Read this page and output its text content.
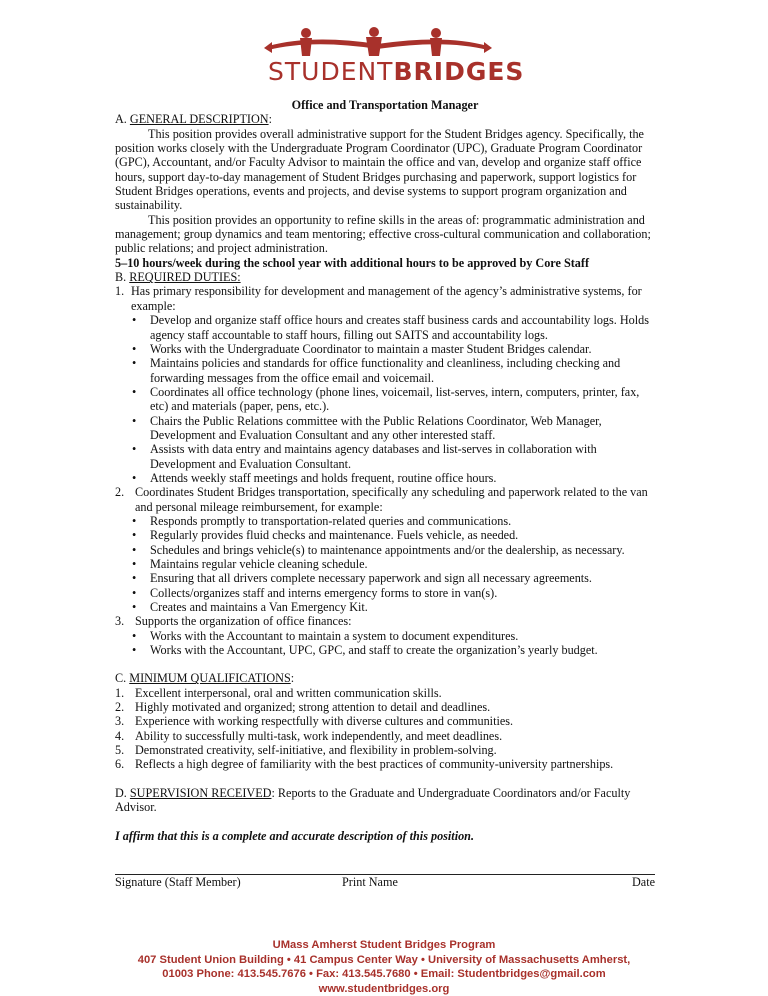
STUDENTBRIDGES

Office and Transportation Manager

A. GENERAL DESCRIPTION:

This position provides overall administrative support for the Student Bridges agency. Specifically, the position works closely with the Undergraduate Program Coordinator (UPC), Graduate Program Coordinator (GPC), Accountant, and/or Faculty Advisor to maintain the office and van, develop and organize staff office hours, support day-to-day management of Student Bridges purchasing and paperwork, support logistics for Student Bridges operations, events and projects, and devise systems to support program organization and sustainability.

This position provides an opportunity to refine skills in the areas of: programmatic administration and management; group dynamics and team mentoring; effective cross-cultural communication and collaboration; public relations; and project administration.

5–10 hours/week during the school year with additional hours to be approved by Core Staff

B. REQUIRED DUTIES:

1. Has primary responsibility for development and management of the agency’s administrative systems, for example:
•	Develop and organize staff office hours and creates staff business cards and accountability logs. Holds agency staff accountable to staff hours, filling out SAITS and accountability logs.
•	Works with the Undergraduate Coordinator to maintain a master Student Bridges calendar.
•	Maintains policies and standards for office functionality and cleanliness, including checking and forwarding messages from the office email and voicemail.
•	Coordinates all office technology (phone lines, voicemail, list-serves, intern, computers, printer, fax, etc) and materials (paper, pens, etc.).
•	Chairs the Public Relations committee with the Public Relations Coordinator, Web Manager, Development and Evaluation Consultant and any other interested staff.
•	Assists with data entry and maintains agency databases and list-serves in collaboration with Development and Evaluation Consultant.
•	Attends weekly staff meetings and holds frequent, routine office hours.
2. Coordinates Student Bridges transportation, specifically any scheduling and paperwork related to the van and personal mileage reimbursement, for example:
•	Responds promptly to transportation-related queries and communications.
•	Regularly provides fluid checks and maintenance. Fuels vehicle, as needed.
•	Schedules and brings vehicle(s) to maintenance appointments and/or the dealership, as necessary.
•	Maintains regular vehicle cleaning schedule.
•	Ensuring that all drivers complete necessary paperwork and sign all necessary agreements.
•	Collects/organizes staff and interns emergency forms to store in van(s).
•	Creates and maintains a Van Emergency Kit.
3. Supports the organization of office finances:
•	Works with the Accountant to maintain a system to document expenditures.
•	Works with the Accountant, UPC, GPC, and staff to create the organization’s yearly budget.

C. MINIMUM QUALIFICATIONS:

1. Excellent interpersonal, oral and written communication skills.
2. Highly motivated and organized; strong attention to detail and deadlines.
3. Experience with working respectfully with diverse cultures and communities.
4. Ability to successfully multi-task, work independently, and meet deadlines.
5. Demonstrated creativity, self-initiative, and flexibility in problem-solving.
6. Reflects a high degree of familiarity with the best practices of community-university partnerships.

D. SUPERVISION RECEIVED: Reports to the Graduate and Undergraduate Coordinators and/or Faculty Advisor.

I affirm that this is a complete and accurate description of this position.

Signature (Staff Member)	Print Name	Date
UMass Amherst Student Bridges Program
407 Student Union Building • 41 Campus Center Way • University of Massachusetts Amherst,
01003 Phone: 413.545.7676 • Fax: 413.545.7680 • Email: Studentbridges@gmail.com
www.studentbridges.org
